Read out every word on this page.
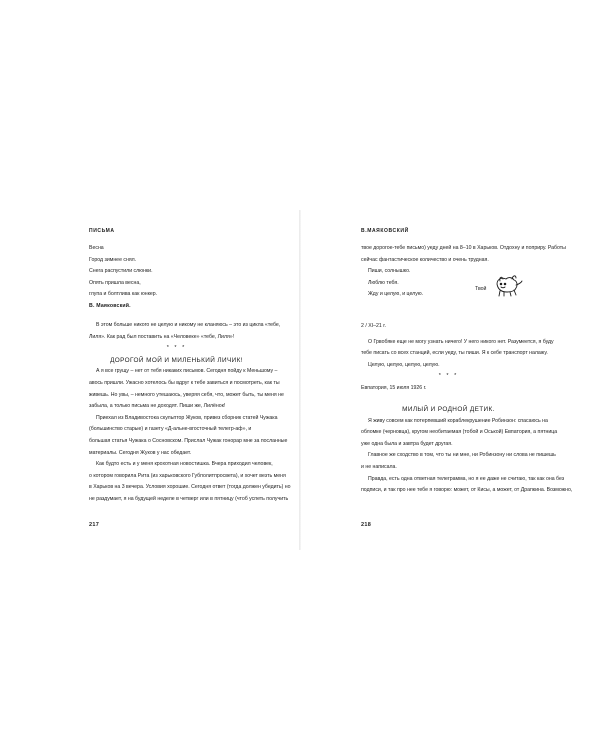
ПИСЬМА
Весна
Город зимнее снял.
Снега распустили слюнки.
Опять пришла весна,
глупа и болтлива как юнкер.
В. Маяковский.
В этом больше никого не целую и никому не кланяюсь – это из цикла «тебе,
Лиля». Как рад был поставить на «Человеке» «тебе, Лиля»!
* * *
ДОРОГОЙ МОЙ И МИЛЕНЬКИЙ ЛИЧИК!
А я все грущу – нет от тебя никаких письмов. Сегодня пойду к Меньшому –
авось пришли. Ужасно хотелось бы вдруг к тебе завиться и посмотреть, как ты
живешь. Но увы, – немного утешаюсь, уверяя себя, что, может быть, ты меня не
забыла, а только письма не доходят. Пиши же, Лилёнок!
Приехал из Владивостока скульптор Жуков, привез сборник статей Чужака
(большинство старые) и газету «Д-альне-вгосточный телегр-аф», и
большая статья Чужака о Сосновском. Прислал Чужак гонорар мне за посланные
материалы. Сегодня Жуков у нас обедает.
Как будто есть и у меня крохотная новостишка. Вчера приходил человек,
о котором говорила Рита (из харьковского Губполитпросвета), и хочет везть меня
в Харьков на 3 вечера. Условия хорошие. Сегодня ответ (тогда должен убедить) но
не раздумает, я на будущей неделе в четверг или в пятницу (чтоб успеть получить
217
В.МАЯКОВСКИЙ
твое дорогое-тебе письмо) уеду дней на 8–10 в Харьков. Отдохну и поприру. Работы
сейчас фантастическое количество и очень трудная.
Пиши, солнышко.
Люблю тебя.
Жду и целую, и целую.
Твой
2 / XI–21 г.
О Грвобяке еще не могу узнать ничего! У него никого нет. Разумеется, я буду
тебе писать со всех станций, если уеду, ты пиши. Я к себе транспорт налажу.
Целую, целую, целую, целую.
* * *
Евпатория, 15 июля 1926 г.
МИЛЫЙ И РОДНОЙ ДЕТИК.
Я живу совсем как потерпевший кораблекрушение Робинзон: спасаюсь на
обломке (черновца), кругом необитаемая (тобой и Оськой) Евпатория, а пятница
уже одна была и завтра будет другая.
Главное же сходство в том, что ты ни мне, ни Робинзону ни слова не пишешь
и не написала.
Правда, есть одна ответная телеграмма, но я ее даже не считаю, так как она без
подписи, и так про нее тебе я говорю: может, от Кисы, а может, от Драпкина. Возможно,
218
